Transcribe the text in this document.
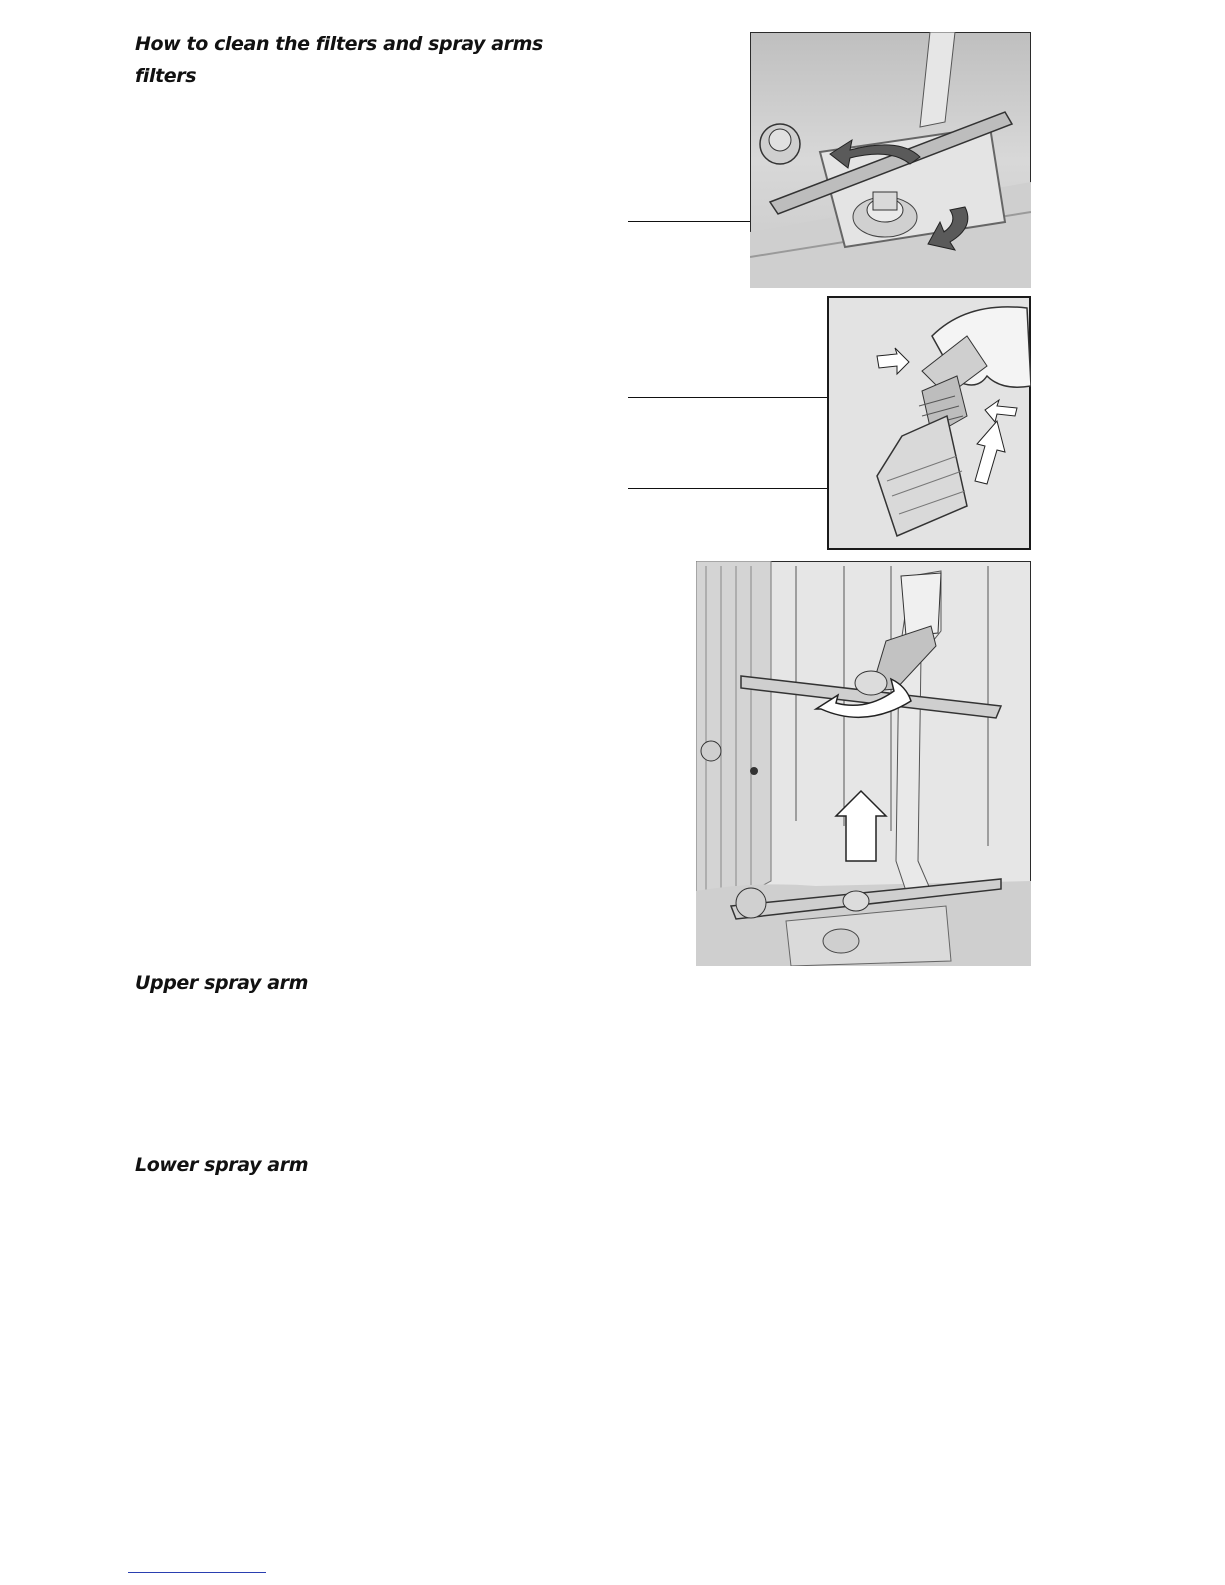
How to clean the filters and spray arms
filters
Upper spray arm
Lower spray arm
